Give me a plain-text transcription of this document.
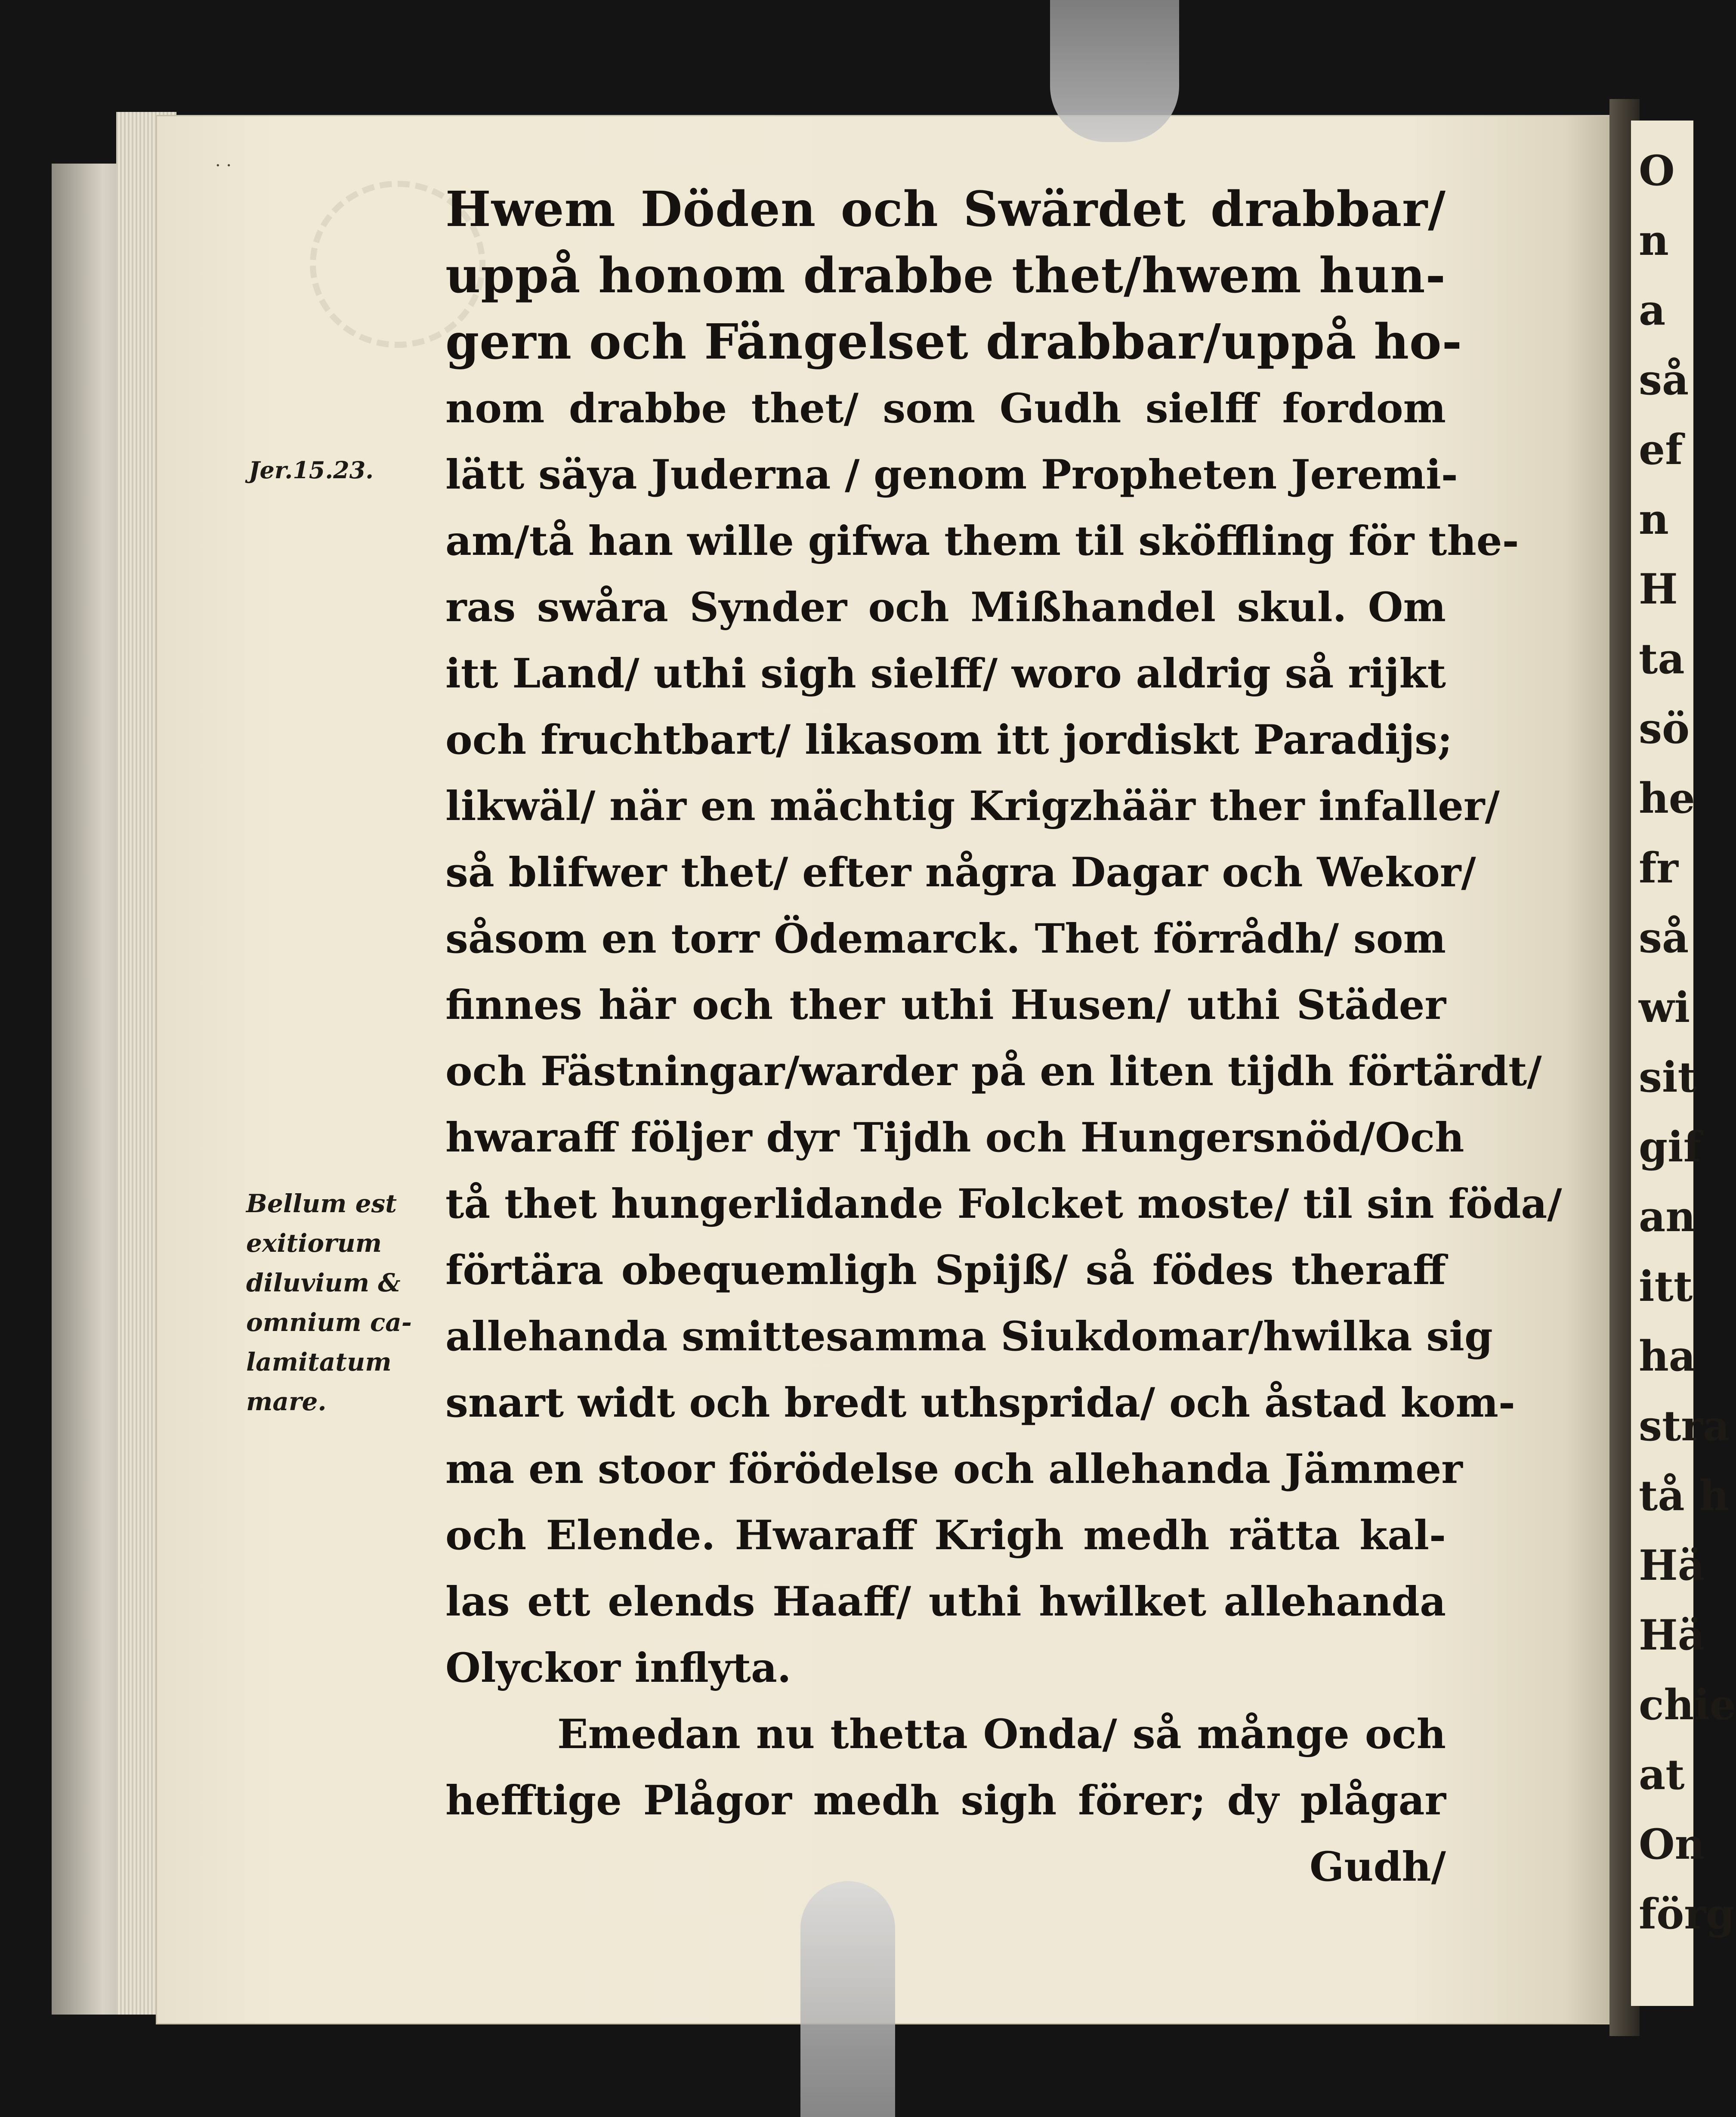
O
n
a
så
ef
n
H
ta
sö
he
fr
så
wi
sit
gif
an
itt
ha
stra
tå h
Hä
Hä
chie
at
On
förg
· ·
Jer.15.23.
Bellum est
exitiorum
diluvium &
omnium ca-
lamitatum
mare.
Hwem Döden och Swärdet drabbar/
uppå honom drabbe thet/hwem hun-
gern och Fängelset drabbar/uppå ho-
nom drabbe thet/ som Gudh sielff fordom
lätt säya Juderna / genom Propheten Jeremi-
am/tå han wille gifwa them til sköffling för the-
ras swåra Synder och Mißhandel skul. Om
itt Land/ uthi sigh sielff/ woro aldrig så rijkt
och fruchtbart/ likasom itt jordiskt Paradijs;
likwäl/ när en mächtig Krigzhäär ther infaller/
så blifwer thet/ efter några Dagar och Wekor/
såsom en torr Ödemarck. Thet förrådh/ som
finnes här och ther uthi Husen/ uthi Städer
och Fästningar/warder på en liten tijdh förtärdt/
hwaraff följer dyr Tijdh och Hungersnöd/Och
tå thet hungerlidande Folcket moste/ til sin föda/
förtära obequemligh Spijß/ så födes theraff
allehanda smittesamma Siukdomar/hwilka sig
snart widt och bredt uthsprida/ och åstad kom-
ma en stoor förödelse och allehanda Jämmer
och Elende. Hwaraff Krigh medh rätta kal-
las ett elends Haaff/ uthi hwilket allehanda
Olyckor inflyta.
Emedan nu thetta Onda/ så månge och
hefftige Plågor medh sigh förer; dy plågar
Gudh/
